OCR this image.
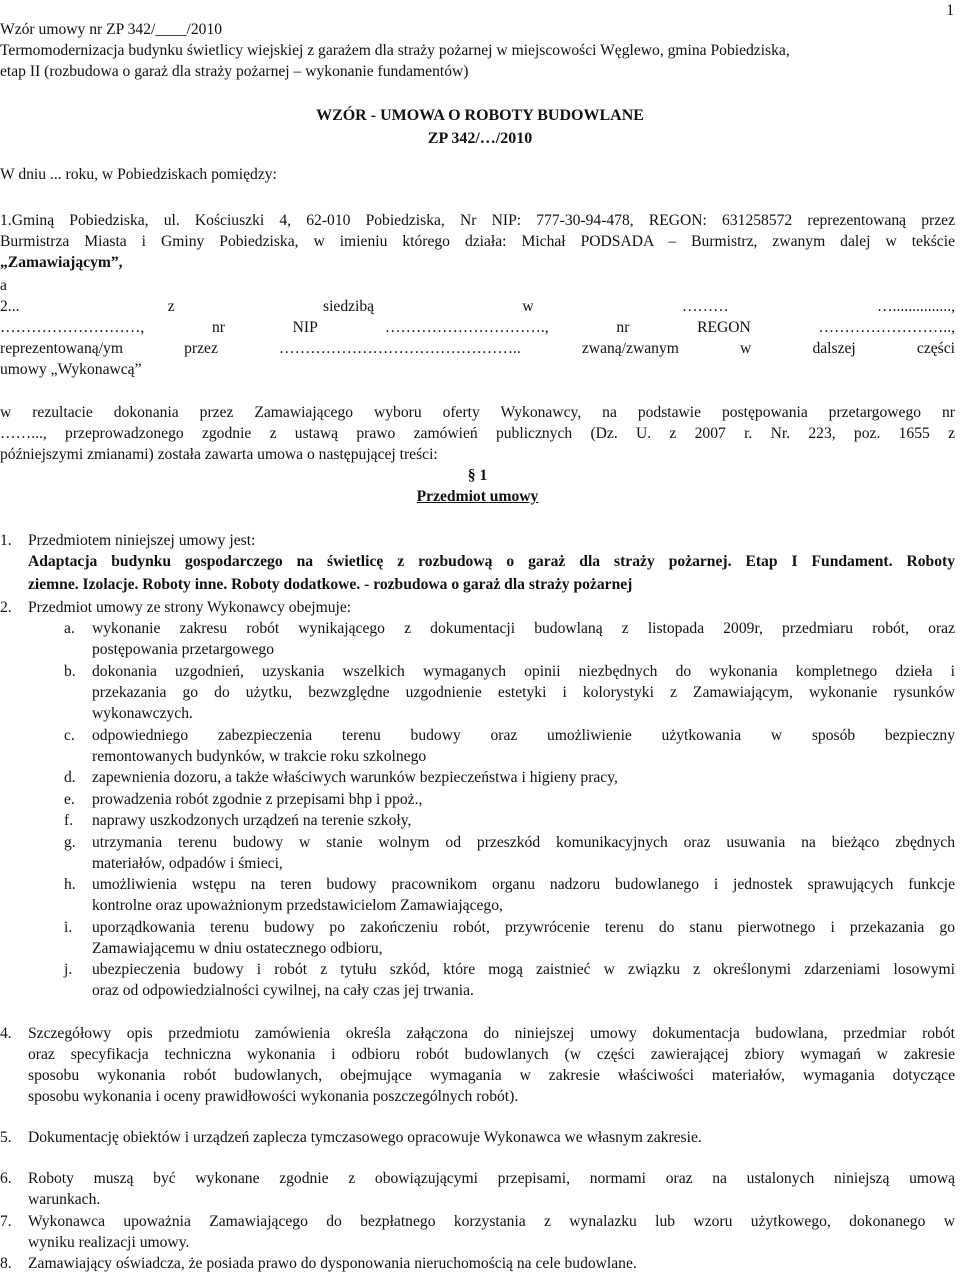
1
Wzór umowy nr ZP 342/____/2010
Termomodernizacja budynku świetlicy wiejskiej z garażem dla straży pożarnej w miejscowości Węglewo, gmina Pobiedziska,
etap II (rozbudowa o garaż dla straży pożarnej – wykonanie fundamentów)
WZÓR - UMOWA O ROBOTY BUDOWLANE
ZP 342/…/2010
W dniu ... roku, w Pobiedziskach pomiędzy:
1.Gminą Pobiedziska, ul. Kościuszki 4, 62-010 Pobiedziska, Nr NIP: 777-30-94-478, REGON: 631258572 reprezentowaną przez
Burmistrza Miasta i Gminy Pobiedziska, w imieniu którego działa: Michał PODSADA – Burmistrz, zwanym dalej w tekście
„Zamawiającym”,
a
2... z siedzibą w ……… …...............,
………………………, nr NIP …………………………., nr REGON ……………………..,
reprezentowaną/ym przez ……………………………………….. zwaną/zwanym w dalszej części
umowy „Wykonawcą”
w rezultacie dokonania przez Zamawiającego wyboru oferty Wykonawcy, na podstawie postępowania przetargowego nr
……..., przeprowadzonego zgodnie z ustawą prawo zamówień publicznych (Dz. U. z 2007 r. Nr. 223, poz. 1655 z
późniejszymi zmianami) została zawarta umowa o następującej treści:
§ 1
Przedmiot umowy
1. Przedmiotem niniejszej umowy jest:
Adaptacja budynku gospodarczego na świetlicę z rozbudową o garaż dla straży pożarnej. Etap I Fundament. Roboty
ziemne. Izolacje. Roboty inne. Roboty dodatkowe. - rozbudowa o garaż dla straży pożarnej
2. Przedmiot umowy ze strony Wykonawcy obejmuje:
a. wykonanie zakresu robót wynikającego z dokumentacji budowlaną z listopada 2009r, przedmiaru robót, oraz
postępowania przetargowego
b. dokonania uzgodnień, uzyskania wszelkich wymaganych opinii niezbędnych do wykonania kompletnego dzieła i
przekazania go do użytku, bezwzględne uzgodnienie estetyki i kolorystyki z Zamawiającym, wykonanie rysunków
wykonawczych.
c. odpowiedniego zabezpieczenia terenu budowy oraz umożliwienie użytkowania w sposób bezpieczny
remontowanych budynków, w trakcie roku szkolnego
d. zapewnienia dozoru, a także właściwych warunków bezpieczeństwa i higieny pracy,
e. prowadzenia robót zgodnie z przepisami bhp i ppoż.,
f. naprawy uszkodzonych urządzeń na terenie szkoły,
g. utrzymania terenu budowy w stanie wolnym od przeszkód komunikacyjnych oraz usuwania na bieżąco zbędnych
materiałów, odpadów i śmieci,
h. umożliwienia wstępu na teren budowy pracownikom organu nadzoru budowlanego i jednostek sprawujących funkcje
kontrolne oraz upoważnionym przedstawicielom Zamawiającego,
i. uporządkowania terenu budowy po zakończeniu robót, przywrócenie terenu do stanu pierwotnego i przekazania go
Zamawiającemu w dniu ostatecznego odbioru,
j. ubezpieczenia budowy i robót z tytułu szkód, które mogą zaistnieć w związku z określonymi zdarzeniami losowymi
oraz od odpowiedzialności cywilnej, na cały czas jej trwania.
4. Szczegółowy opis przedmiotu zamówienia określa załączona do niniejszej umowy dokumentacja budowlana, przedmiar robót
oraz specyfikacja techniczna wykonania i odbioru robót budowlanych (w części zawierającej zbiory wymagań w zakresie
sposobu wykonania robót budowlanych, obejmujące wymagania w zakresie właściwości materiałów, wymagania dotyczące
sposobu wykonania i oceny prawidłowości wykonania poszczególnych robót).
5. Dokumentację obiektów i urządzeń zaplecza tymczasowego opracowuje Wykonawca we własnym zakresie.
6. Roboty muszą być wykonane zgodnie z obowiązującymi przepisami, normami oraz na ustalonych niniejszą umową
warunkach.
7. Wykonawca upoważnia Zamawiającego do bezpłatnego korzystania z wynalazku lub wzoru użytkowego, dokonanego w
wyniku realizacji umowy.
8. Zamawiający oświadcza, że posiada prawo do dysponowania nieruchomością na cele budowlane.
